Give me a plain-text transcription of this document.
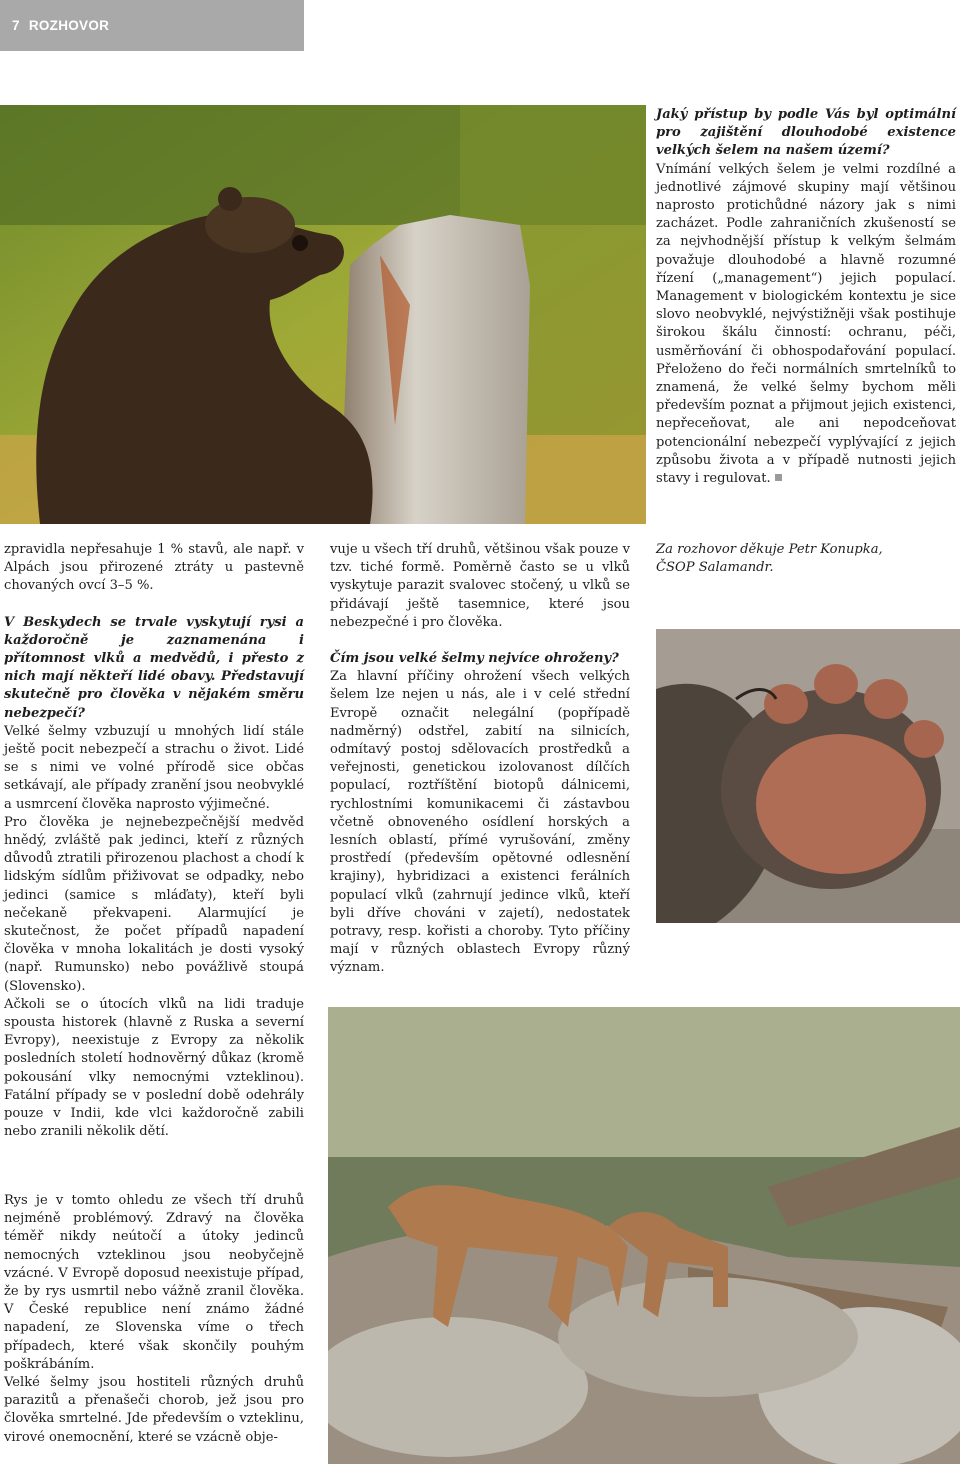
7 ROZHOVOR

Jaký přístup by podle Vás byl optimální pro zajištění dlouhodobé existence velkých šelem na našem území?

Vnímání velkých šelem je velmi rozdílné a jednotlivé zájmové skupiny mají většinou naprosto protichůdné názory jak s nimi zacházet. Podle zahraničních zkušeností se za nejvhodnější přístup k velkým šelmám považuje dlouhodobé a hlavně rozumné řízení („management“) jejich populací. Management v biologickém kontextu je sice slovo neobvyklé, nejvýstižněji však postihuje širokou škálu činností: ochranu, péči, usměrňování či obhospodařování populací. Přeloženo do řeči normálních smrtelníků to znamená, že velké šelmy bychom měli především poznat a přijmout jejich existenci, nepřeceňovat, ale ani nepodceňovat potencionální nebezpečí vyplývající z jejich způsobu života a v případě nutnosti jejich stavy i regulovat.

Za rozhovor děkuje Petr Konupka,

ČSOP Salamandr.

zpravidla nepřesahuje 1 % stavů, ale např. v Alpách jsou přirozené ztráty u pastevně chovaných ovcí 3–5 %.

V Beskydech se trvale vyskytují rysi a každoročně je zaznamenána i přítomnost vlků a medvědů, i přesto z nich mají někteří lidé obavy. Představují skutečně pro člověka v nějakém směru nebezpečí?

Velké šelmy vzbuzují u mnohých lidí stále ještě pocit nebezpečí a strachu o život. Lidé se s nimi ve volné přírodě sice občas setkávají, ale případy zranění jsou neobvyklé a usmrcení člověka naprosto výjimečné.

Pro člověka je nejnebezpečnější medvěd hnědý, zvláště pak jedinci, kteří z různých důvodů ztratili přirozenou plachost a chodí k lidským sídlům přiživovat se odpadky, nebo jedinci (samice s mláďaty), kteří byli nečekaně překvapeni. Alarmující je skutečnost, že počet případů napadení člověka v mnoha lokalitách je dosti vysoký (např. Rumunsko) nebo povážlivě stoupá (Slovensko).

Ačkoli se o útocích vlků na lidi traduje spousta historek (hlavně z Ruska a severní Evropy), neexistuje z Evropy za několik posledních století hodnověrný důkaz (kromě pokousání vlky nemocnými vzteklinou). Fatální případy se v poslední době odehrály pouze v Indii, kde vlci každoročně zabili nebo zranili několik dětí.

Rys je v tomto ohledu ze všech tří druhů nejméně problémový. Zdravý na člověka téměř nikdy neútočí a útoky jedinců nemocných vzteklinou jsou neobyčejně vzácné. V Evropě doposud neexistuje případ, že by rys usmrtil nebo vážně zranil člověka. V České republice není známo žádné napadení, ze Slovenska víme o třech případech, které však skončily pouhým poškrábáním.

Velké šelmy jsou hostiteli různých druhů parazitů a přenašeči chorob, jež jsou pro člověka smrtelné. Jde především o vzteklinu, virové onemocnění, které se vzácně obje-

vuje u všech tří druhů, většinou však pouze v tzv. tiché formě. Poměrně často se u vlků vyskytuje parazit svalovec stočený, u vlků se přidávají ještě tasemnice, které jsou nebezpečné i pro člověka.

Čím jsou velké šelmy nejvíce ohroženy?

Za hlavní příčiny ohrožení všech velkých šelem lze nejen u nás, ale i v celé střední Evropě označit nelegální (popřípadě nadměrný) odstřel, zabití na silnicích, odmítavý postoj sdělovacích prostředků a veřejnosti, genetickou izolovanost dílčích populací, roztříštění biotopů dálnicemi, rychlostními komunikacemi či zástavbou včetně obnoveného osídlení horských a lesních oblastí, přímé vyrušování, změny prostředí (především opětovné odlesnění krajiny), hybridizaci a existenci ferálních populací vlků (zahrnují jedince vlků, kteří byli dříve chováni v zajetí), nedostatek potravy, resp. kořisti a choroby. Tyto příčiny mají v různých oblastech Evropy různý význam.
